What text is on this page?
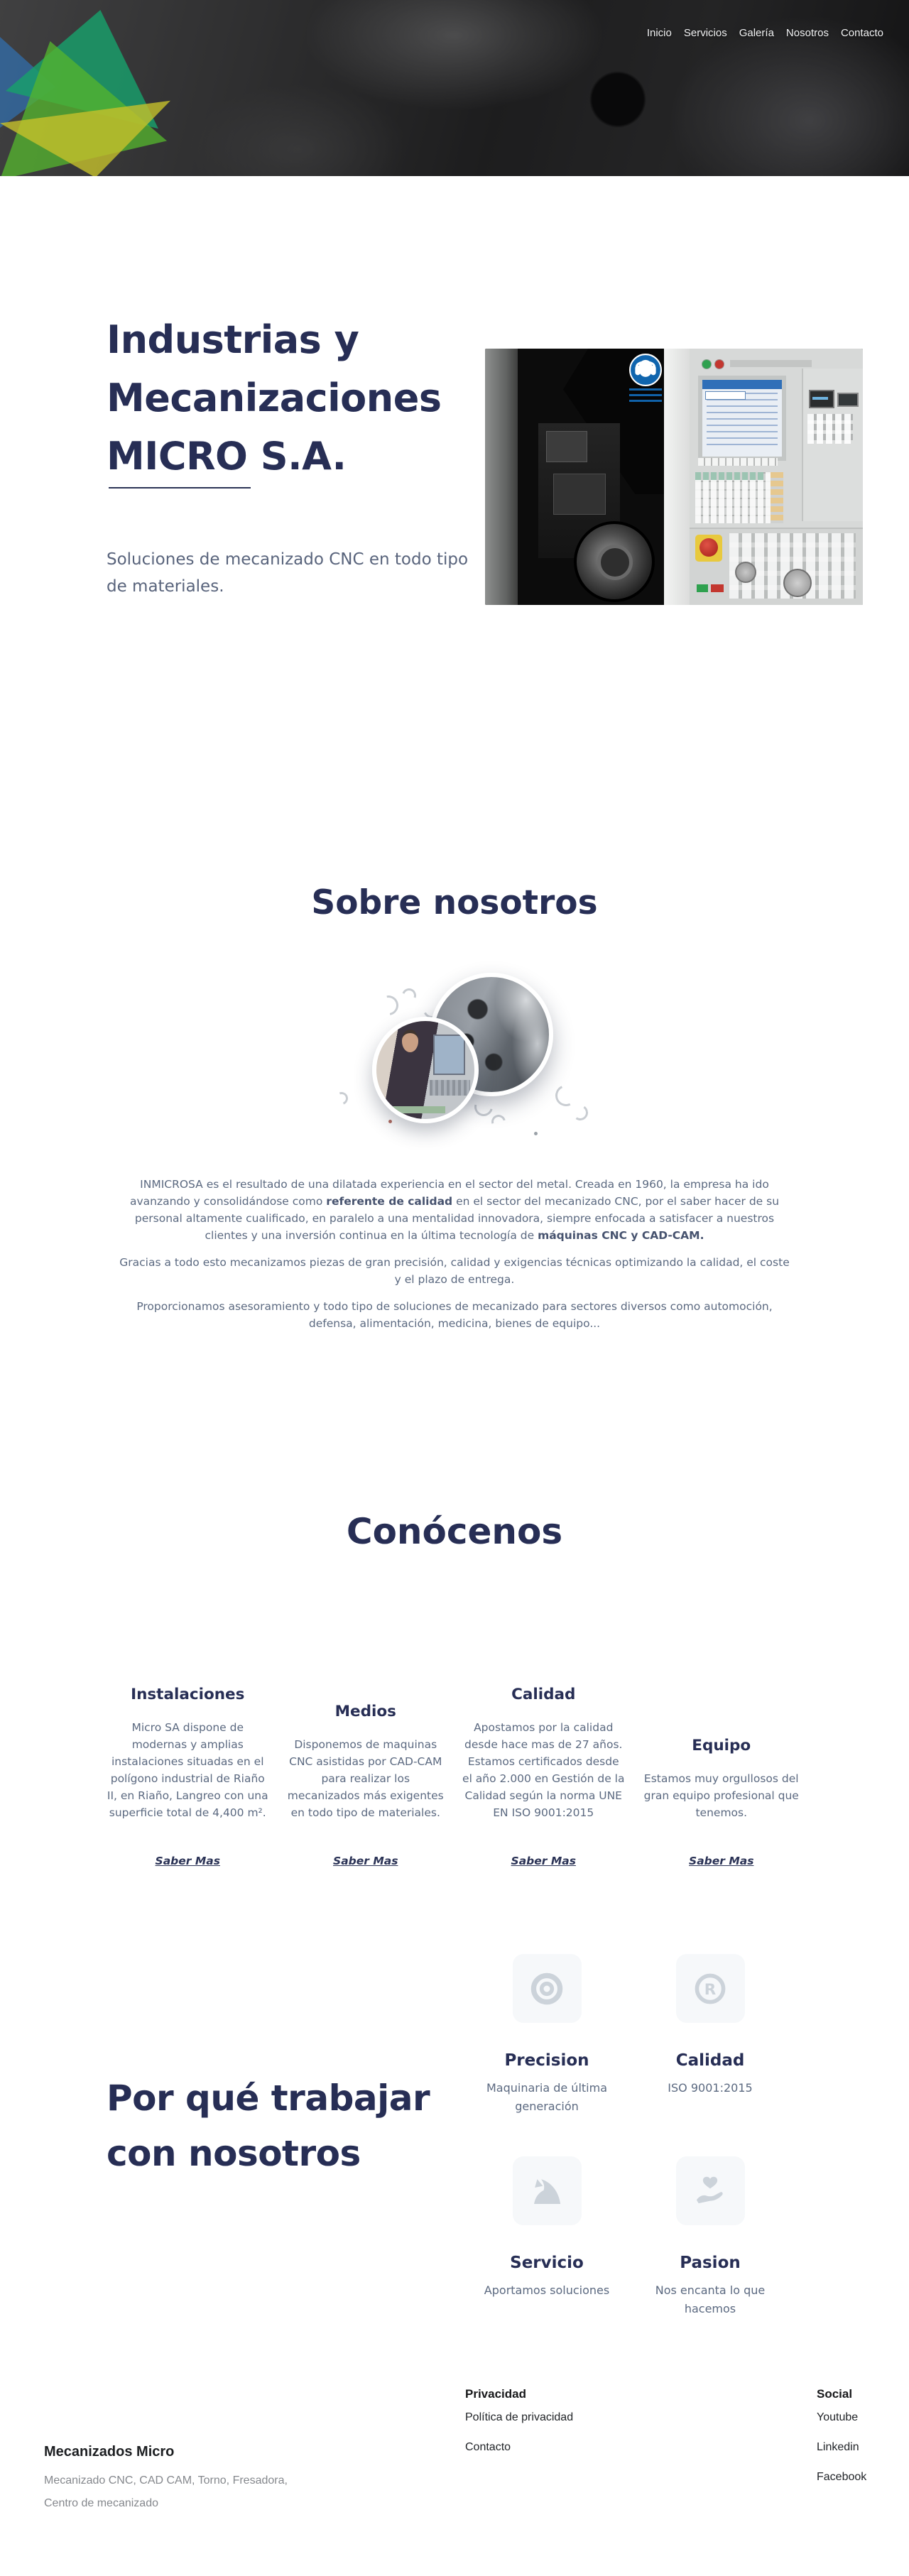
Inicio Servicios Galería Nosotros Contacto
Industrias y Mecanizaciones MICRO S.A.

Soluciones de mecanizado CNC en todo tipo de materiales.

Sobre nosotros

INMICROSA es el resultado de una dilatada experiencia en el sector del metal. Creada en 1960, la empresa ha ido avanzando y consolidándose como referente de calidad en el sector del mecanizado CNC, por el saber hacer de su personal altamente cualificado, en paralelo a una mentalidad innovadora, siempre enfocada a satisfacer a nuestros clientes y una inversión continua en la última tecnología de máquinas CNC y CAD-CAM.

Gracias a todo esto mecanizamos piezas de gran precisión, calidad y exigencias técnicas optimizando la calidad, el coste y el plazo de entrega.

Proporcionamos asesoramiento y todo tipo de soluciones de mecanizado para sectores diversos como automoción, defensa, alimentación, medicina, bienes de equipo...

Conócenos
Instalaciones

Micro SA dispone de modernas y amplias instalaciones situadas en el polígono industrial de Riaño II, en Riaño, Langreo con una superficie total de 4,400 m².

Saber Mas
Medios

Disponemos de maquinas CNC asistidas por CAD-CAM para realizar los mecanizados más exigentes en todo tipo de materiales.

Saber Mas
Calidad

Apostamos por la calidad desde hace mas de 27 años. Estamos certificados desde el año 2.000 en Gestión de la Calidad según la norma UNE EN ISO 9001:2015

Saber Mas
Equipo

Estamos muy orgullosos del gran equipo profesional que tenemos.

Saber Mas
Por qué trabajar con nosotros
Precision

Maquinaria de última generación

R
Calidad

ISO 9001:2015

Servicio

Aportamos soluciones

Pasion

Nos encanta lo que hacemos

Mecanizados Micro
Mecanizado CNC, CAD CAM, Torno, Fresadora, Centro de mecanizado
Privacidad
Política de privacidad
Contacto
Social
Youtube
Linkedin
Facebook
